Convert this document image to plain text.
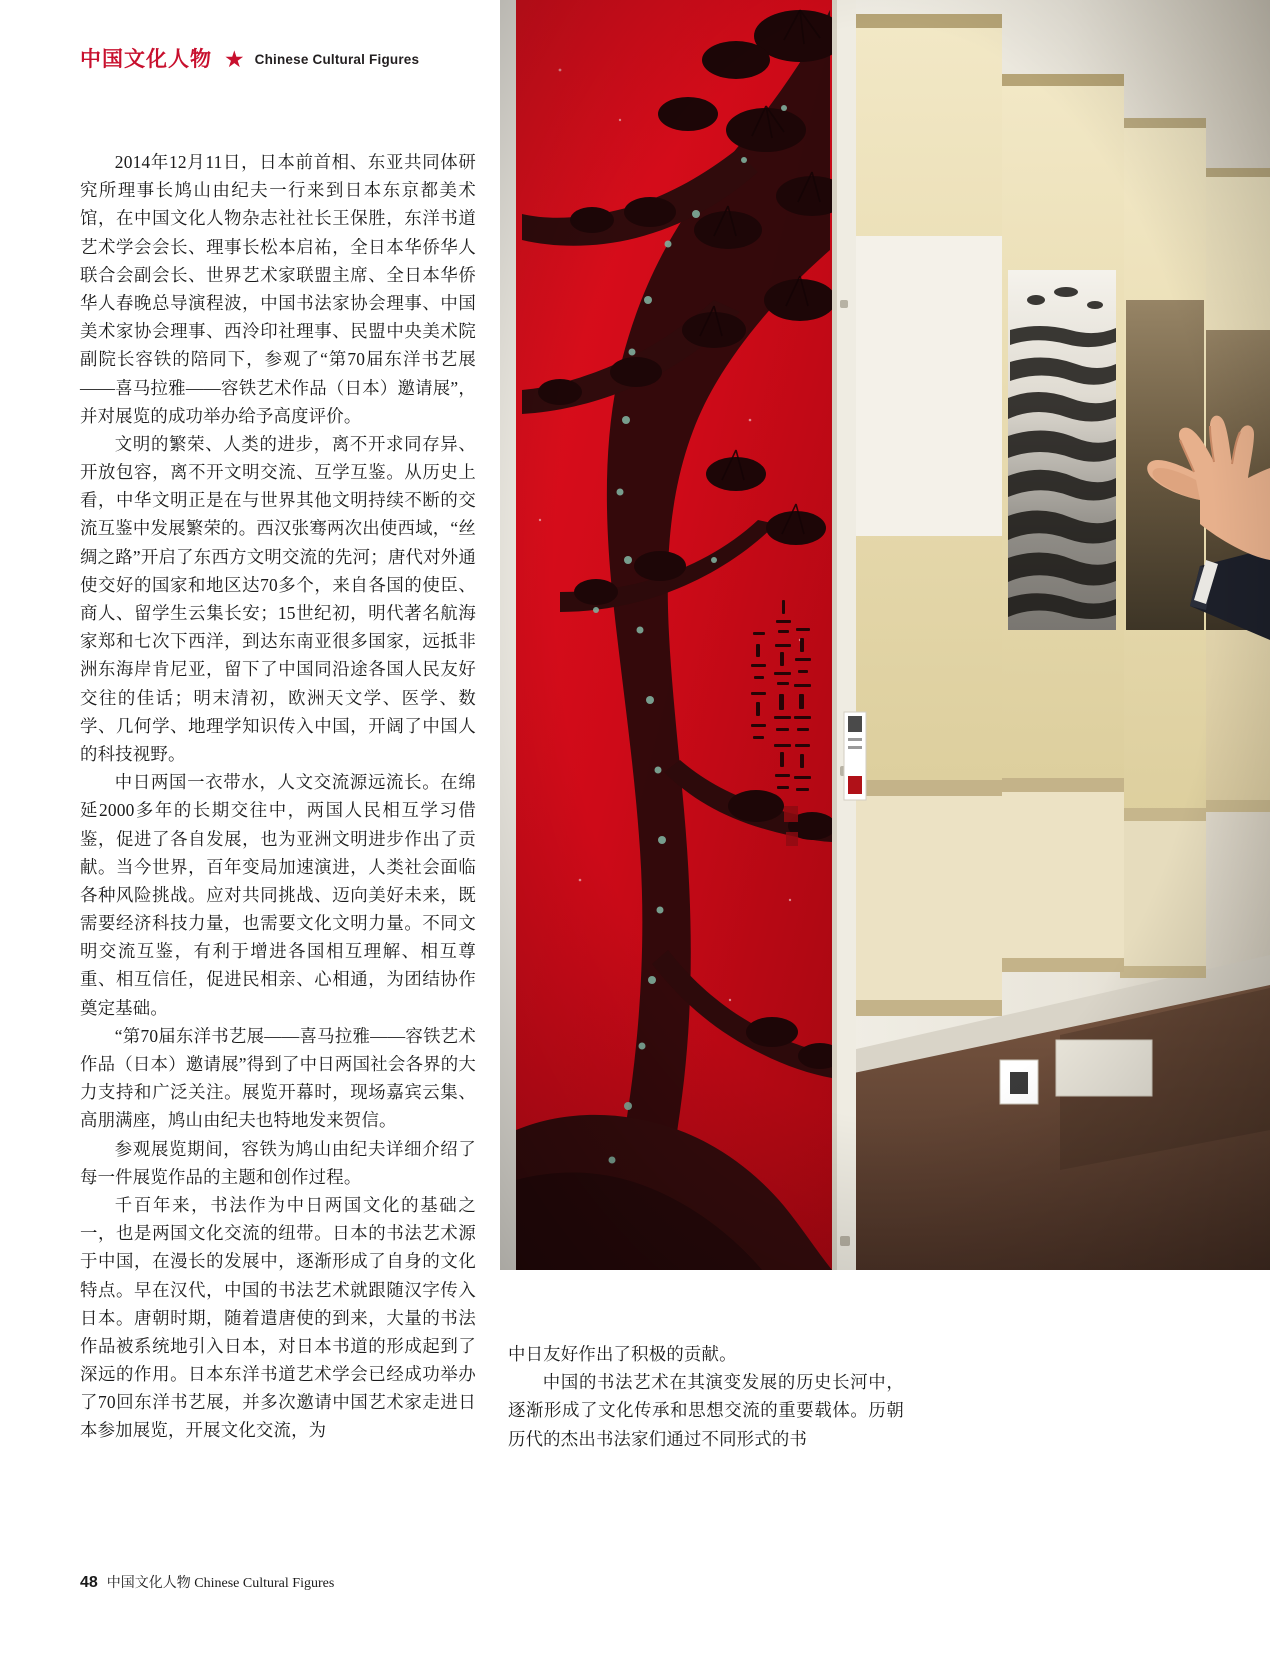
中国文化人物 ★ Chinese Cultural Figures

2014年12月11日，日本前首相、东亚共同体研究所理事长鸠山由纪夫一行来到日本东京都美术馆，在中国文化人物杂志社社长王保胜，东洋书道艺术学会会长、理事长松本启祐，全日本华侨华人联合会副会长、世界艺术家联盟主席、全日本华侨华人春晚总导演程波，中国书法家协会理事、中国美术家协会理事、西泠印社理事、民盟中央美术院副院长容铁的陪同下，参观了“第70届东洋书艺展——喜马拉雅——容铁艺术作品（日本）邀请展”，并对展览的成功举办给予高度评价。

文明的繁荣、人类的进步，离不开求同存异、开放包容，离不开文明交流、互学互鉴。从历史上看，中华文明正是在与世界其他文明持续不断的交流互鉴中发展繁荣的。西汉张骞两次出使西域，“丝绸之路”开启了东西方文明交流的先河；唐代对外通使交好的国家和地区达70多个，来自各国的使臣、商人、留学生云集长安；15世纪初，明代著名航海家郑和七次下西洋，到达东南亚很多国家，远抵非洲东海岸肯尼亚，留下了中国同沿途各国人民友好交往的佳话；明末清初，欧洲天文学、医学、数学、几何学、地理学知识传入中国，开阔了中国人的科技视野。

中日两国一衣带水，人文交流源远流长。在绵延2000多年的长期交往中，两国人民相互学习借鉴，促进了各自发展，也为亚洲文明进步作出了贡献。当今世界，百年变局加速演进，人类社会面临各种风险挑战。应对共同挑战、迈向美好未来，既需要经济科技力量，也需要文化文明力量。不同文明交流互鉴，有利于增进各国相互理解、相互尊重、相互信任，促进民相亲、心相通，为团结协作奠定基础。

“第70届东洋书艺展——喜马拉雅——容铁艺术作品（日本）邀请展”得到了中日两国社会各界的大力支持和广泛关注。展览开幕时，现场嘉宾云集、高朋满座，鸠山由纪夫也特地发来贺信。

参观展览期间，容铁为鸠山由纪夫详细介绍了每一件展览作品的主题和创作过程。

千百年来，书法作为中日两国文化的基础之一，也是两国文化交流的纽带。日本的书法艺术源于中国，在漫长的发展中，逐渐形成了自身的文化特点。早在汉代，中国的书法艺术就跟随汉字传入日本。唐朝时期，随着遣唐使的到来，大量的书法作品被系统地引入日本，对日本书道的形成起到了深远的作用。日本东洋书道艺术学会已经成功举办了70回东洋书艺展，并多次邀请中国艺术家走进日本参加展览，开展文化交流，为

中日友好作出了积极的贡献。

中国的书法艺术在其演变发展的历史长河中，逐渐形成了文化传承和思想交流的重要载体。历朝历代的杰出书法家们通过不同形式的书

48 中国文化人物 Chinese Cultural Figures
